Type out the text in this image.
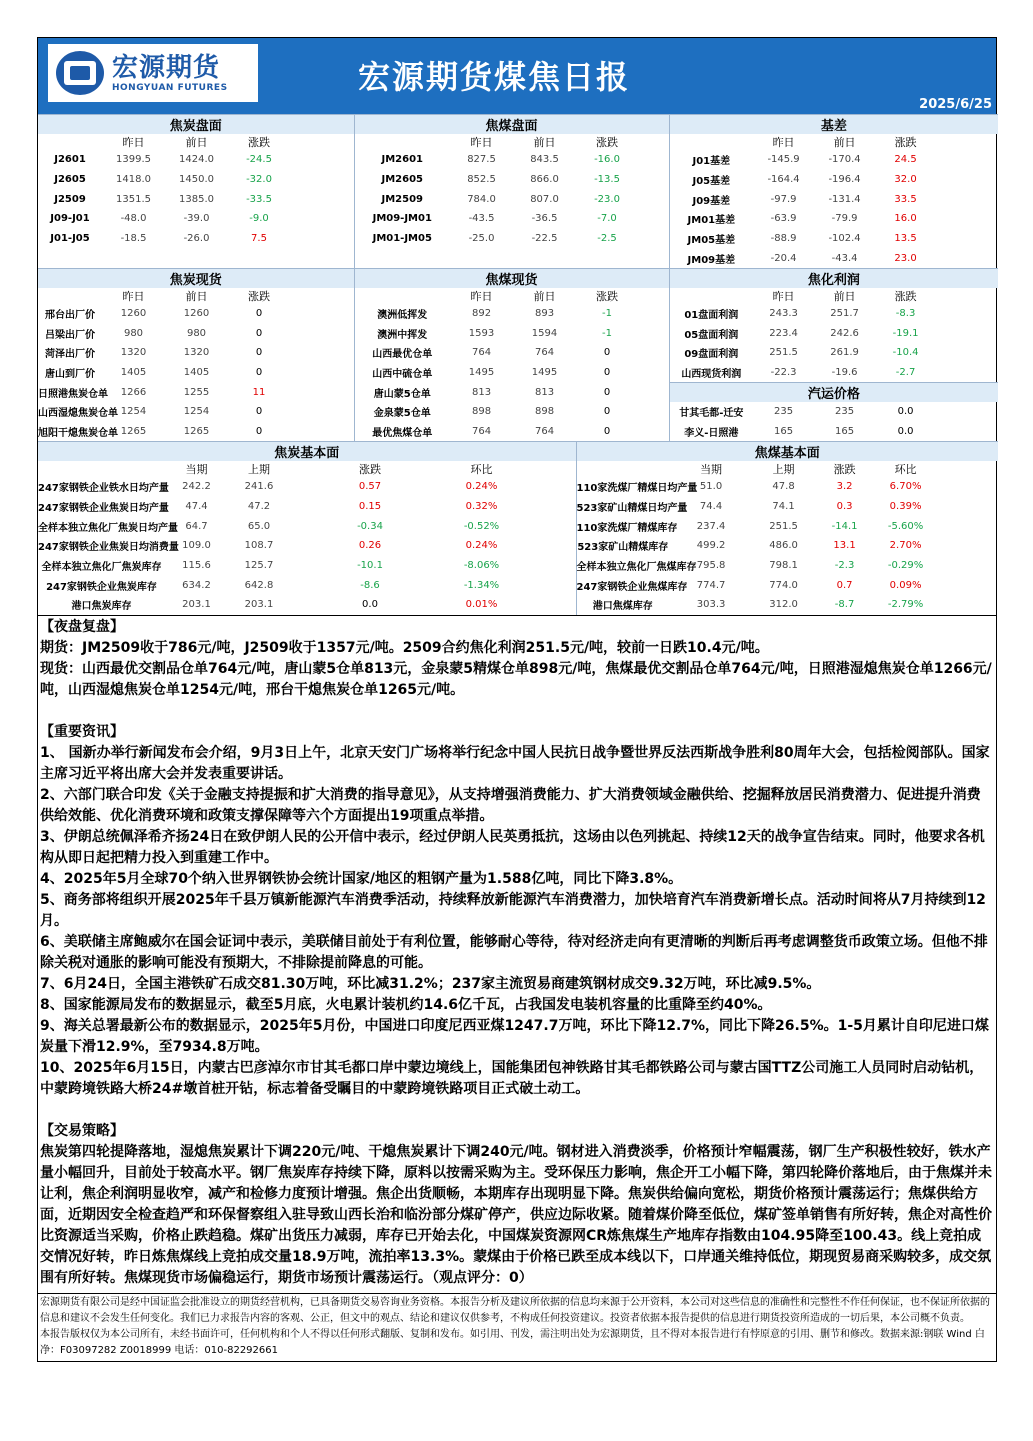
宏源期货
HONGYUAN FUTURES	宏源期货煤焦日报
2025/6/25
焦炭盘面					焦煤盘面					基差				
	昨日	前日	涨跌			昨日	前日	涨跌			昨日	前日	涨跌	
J2601	1399.5	1424.0	-24.5		JM2601	827.5	843.5	-16.0		J01基差	-145.9	-170.4	24.5	
J2605	1418.0	1450.0	-32.0		JM2605	852.5	866.0	-13.5		J05基差	-164.4	-196.4	32.0	
J2509	1351.5	1385.0	-33.5		JM2509	784.0	807.0	-23.0		J09基差	-97.9	-131.4	33.5	
J09-J01	-48.0	-39.0	-9.0		JM09-JM01	-43.5	-36.5	-7.0		JM01基差	-63.9	-79.9	16.0	
J01-J05	-18.5	-26.0	7.5		JM01-JM05	-25.0	-22.5	-2.5		JM05基差	-88.9	-102.4	13.5	
										JM09基差	-20.4	-43.4	23.0	
焦炭现货					焦煤现货					焦化利润				
	昨日	前日	涨跌			昨日	前日	涨跌			昨日	前日	涨跌	
邢台出厂价	1260	1260	0		澳洲低挥发	892	893	-1		01盘面利润	243.3	251.7	-8.3	
吕梁出厂价	980	980	0		澳洲中挥发	1593	1594	-1		05盘面利润	223.4	242.6	-19.1	
菏泽出厂价	1320	1320	0		山西最优仓单	764	764	0		09盘面利润	251.5	261.9	-10.4	
唐山到厂价	1405	1405	0		山西中硫仓单	1495	1495	0		山西现货利润	-22.3	-19.6	-2.7	
日照港焦炭仓单	1266	1255	11		唐山蒙5仓单	813	813	0		汽运价格				
山西湿熄焦炭仓单	1254	1254	0		金泉蒙5仓单	898	898	0		甘其毛都-迁安	235	235	0.0	
旭阳干熄焦炭仓单	1265	1265	0		最优焦煤仓单	764	764	0		李义-日照港	165	165	0.0	
焦炭基本面								焦煤基本面						
		当期	上期	涨跌		环比				当期	上期	涨跌	环比	
247家钢铁企业铁水日均产量		242.2	241.6	0.57		0.24%		110家洗煤厂精煤日均产量		51.0	47.8	3.2	6.70%	
247家钢铁企业焦炭日均产量		47.4	47.2	0.15		0.32%		523家矿山精煤日均产量		74.4	74.1	0.3	0.39%	
全样本独立焦化厂焦炭日均产量		64.7	65.0	-0.34		-0.52%		110家洗煤厂精煤库存		237.4	251.5	-14.1	-5.60%	
247家钢铁企业焦炭日均消费量		109.0	108.7	0.26		0.24%		523家矿山精煤库存		499.2	486.0	13.1	2.70%	
全样本独立焦化厂焦炭库存		115.6	125.7	-10.1		-8.06%		全样本独立焦化厂焦煤库存		795.8	798.1	-2.3	-0.29%	
247家钢铁企业焦炭库存		634.2	642.8	-8.6		-1.34%		247家钢铁企业焦煤库存		774.7	774.0	0.7	0.09%	
港口焦炭库存		203.1	203.1	0.0		0.01%		港口焦煤库存		303.3	312.0	-8.7	-2.79%	

【夜盘复盘】

期货：JM2509收于786元/吨，J2509收于1357元/吨。2509合约焦化利润251.5元/吨，较前一日跌10.4元/吨。

现货：山西最优交割品仓单764元/吨，唐山蒙5仓单813元，金泉蒙5精煤仓单898元/吨，焦煤最优交割品仓单764元/吨，日照港湿熄焦炭仓单1266元/吨，山西湿熄焦炭仓单1254元/吨，邢台干熄焦炭仓单1265元/吨。

【重要资讯】

1、 国新办举行新闻发布会介绍，9月3日上午，北京天安门广场将举行纪念中国人民抗日战争暨世界反法西斯战争胜利80周年大会，包括检阅部队。国家主席习近平将出席大会并发表重要讲话。

2、六部门联合印发《关于金融支持提振和扩大消费的指导意见》，从支持增强消费能力、扩大消费领域金融供给、挖掘释放居民消费潜力、促进提升消费供给效能、优化消费环境和政策支撑保障等六个方面提出19项重点举措。

3、伊朗总统佩泽希齐扬24日在致伊朗人民的公开信中表示，经过伊朗人民英勇抵抗，这场由以色列挑起、持续12天的战争宣告结束。同时，他要求各机构从即日起把精力投入到重建工作中。

4、2025年5月全球70个纳入世界钢铁协会统计国家/地区的粗钢产量为1.588亿吨，同比下降3.8%。

5、商务部将组织开展2025年千县万镇新能源汽车消费季活动，持续释放新能源汽车消费潜力，加快培育汽车消费新增长点。活动时间将从7月持续到12月。

6、美联储主席鲍威尔在国会证词中表示，美联储目前处于有利位置，能够耐心等待，待对经济走向有更清晰的判断后再考虑调整货币政策立场。但他不排除关税对通胀的影响可能没有预期大，不排除提前降息的可能。

7、6月24日，全国主港铁矿石成交81.30万吨，环比减31.2%；237家主流贸易商建筑钢材成交9.32万吨，环比减9.5%。

8、国家能源局发布的数据显示，截至5月底，火电累计装机约14.6亿千瓦，占我国发电装机容量的比重降至约40%。

9、海关总署最新公布的数据显示，2025年5月份，中国进口印度尼西亚煤1247.7万吨，环比下降12.7%，同比下降26.5%。1-5月累计自印尼进口煤炭量下滑12.9%，至7934.8万吨。

10、2025年6月15日，内蒙古巴彦淖尔市甘其毛都口岸中蒙边境线上，国能集团包神铁路甘其毛都铁路公司与蒙古国TTZ公司施工人员同时启动钻机，中蒙跨境铁路大桥24#墩首桩开钻，标志着备受瞩目的中蒙跨境铁路项目正式破土动工。

【交易策略】

焦炭第四轮提降落地，湿熄焦炭累计下调220元/吨、干熄焦炭累计下调240元/吨。钢材进入消费淡季，价格预计窄幅震荡，钢厂生产积极性较好，铁水产量小幅回升，目前处于较高水平。钢厂焦炭库存持续下降，原料以按需采购为主。受环保压力影响，焦企开工小幅下降，第四轮降价落地后，由于焦煤并未让利，焦企利润明显收窄，减产和检修力度预计增强。焦企出货顺畅，本期库存出现明显下降。焦炭供给偏向宽松，期货价格预计震荡运行；焦煤供给方面，近期因安全检查趋严和环保督察组入驻导致山西长治和临汾部分煤矿停产，供应边际收紧。随着煤价降至低位，煤矿签单销售有所好转，焦企对高性价比资源适当采购，价格止跌趋稳。煤矿出货压力减弱，库存已开始去化，中国煤炭资源网CR炼焦煤生产地库存指数由104.95降至100.43。线上竞拍成交情况好转，昨日炼焦煤线上竞拍成交量18.9万吨，流拍率13.3%。蒙煤由于价格已跌至成本线以下，口岸通关维持低位，期现贸易商采购较多，成交氛围有所好转。焦煤现货市场偏稳运行，期货市场预计震荡运行。（观点评分：0）

宏源期货有限公司是经中国证监会批准设立的期货经营机构，已具备期货交易咨询业务资格。本报告分析及建议所依据的信息均来源于公开资料，本公司对这些信息的准确性和完整性不作任何保证，也不保证所依据的信息和建议不会发生任何变化。我们已力求报告内容的客观、公正，但文中的观点、结论和建议仅供参考，不构成任何投资建议。投资者依据本报告提供的信息进行期货投资所造成的一切后果，本公司概不负责。

本报告版权仅为本公司所有，未经书面许可，任何机构和个人不得以任何形式翻版、复制和发布。如引用、刊发，需注明出处为宏源期货，且不得对本报告进行有悖原意的引用、删节和修改。数据来源:钢联 Wind 白净：F03097282 Z0018999 电话：010-82292661
